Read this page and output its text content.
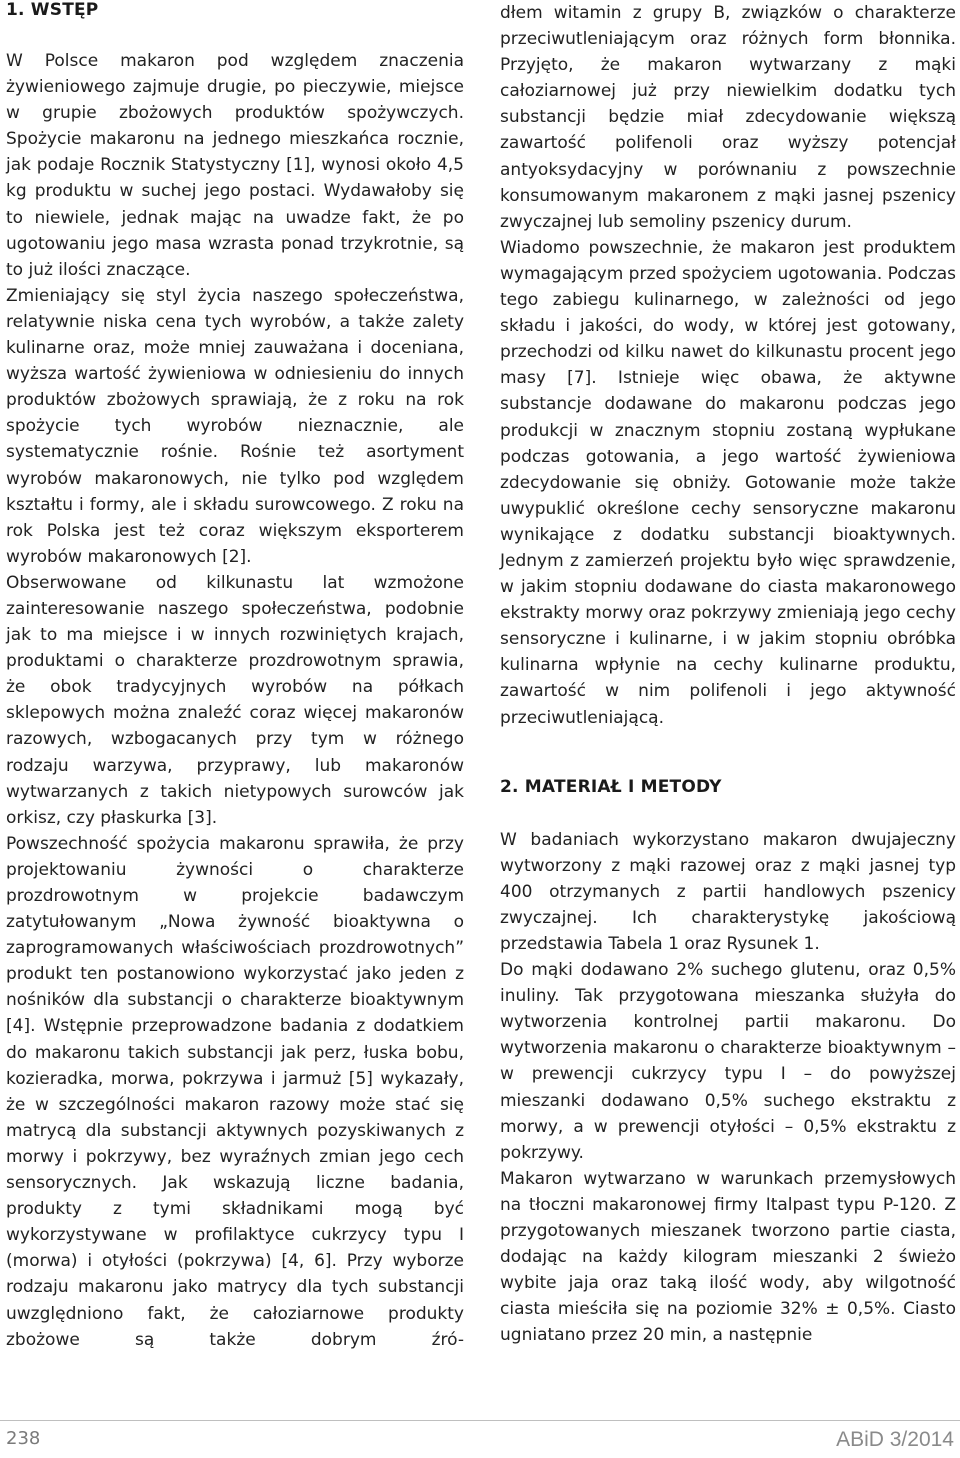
1. WSTĘP

W Polsce makaron pod względem znaczenia żywieniowego zajmuje drugie, po pieczywie, miejsce w grupie zbożowych produktów spożywczych. Spożycie makaronu na jednego mieszkańca rocznie, jak podaje Rocznik Statystyczny [1], wynosi około 4,5 kg produktu w suchej jego postaci. Wydawałoby się to niewiele, jednak mając na uwadze fakt, że po ugotowaniu jego masa wzrasta ponad trzykrotnie, są to już ilości znaczące.

Zmieniający się styl życia naszego społeczeństwa, relatywnie niska cena tych wyrobów, a także zalety kulinarne oraz, może mniej zauważana i doceniana, wyższa wartość żywieniowa w odniesieniu do innych produktów zbożowych sprawiają, że z roku na rok spożycie tych wyrobów nieznacznie, ale systematycznie rośnie. Rośnie też asortyment wyrobów makaronowych, nie tylko pod względem kształtu i formy, ale i składu surowcowego. Z roku na rok Polska jest też coraz większym eksporterem wyrobów makaronowych [2].

Obserwowane od kilkunastu lat wzmożone zainteresowanie naszego społeczeństwa, podobnie jak to ma miejsce i w innych rozwiniętych krajach, produktami o charakterze prozdrowotnym sprawia, że obok tradycyjnych wyrobów na półkach sklepowych można znaleźć coraz więcej makaronów razowych, wzbogacanych przy tym w różnego rodzaju warzywa, przyprawy, lub makaronów wytwarzanych z takich nietypowych surowców jak orkisz, czy płaskurka [3].

Powszechność spożycia makaronu sprawiła, że przy projektowaniu żywności o charakterze prozdrowotnym w projekcie badawczym zatytułowanym „Nowa żywność bioaktywna o zaprogramowanych właściwościach prozdrowotnych” produkt ten postanowiono wykorzystać jako jeden z nośników dla substancji o charakterze bioaktywnym [4]. Wstępnie przeprowadzone badania z dodatkiem do makaronu takich substancji jak perz, łuska bobu, kozieradka, morwa, pokrzywa i jarmuż [5] wykazały, że w szczególności makaron razowy może stać się matrycą dla substancji aktywnych pozyskiwanych z morwy i pokrzywy, bez wyraźnych zmian jego cech sensorycznych. Jak wskazują liczne badania, produkty z tymi składnikami mogą być wykorzystywane w profilaktyce cukrzycy typu I (morwa) i otyłości (pokrzywa) [4, 6]. Przy wyborze rodzaju makaronu jako matrycy dla tych substancji uwzględniono fakt, że całoziarnowe produkty zbożowe są także dobrym źró-

dłem witamin z grupy B, związków o charakterze przeciwutleniającym oraz różnych form błonnika. Przyjęto, że makaron wytwarzany z mąki całoziarnowej już przy niewielkim dodatku tych substancji będzie miał zdecydowanie większą zawartość polifenoli oraz wyższy potencjał antyoksydacyjny w porównaniu z powszechnie konsumowanym makaronem z mąki jasnej pszenicy zwyczajnej lub semoliny pszenicy durum.

Wiadomo powszechnie, że makaron jest produktem wymagającym przed spożyciem ugotowania. Podczas tego zabiegu kulinarnego, w zależności od jego składu i jakości, do wody, w której jest gotowany, przechodzi od kilku nawet do kilkunastu procent jego masy [7]. Istnieje więc obawa, że aktywne substancje dodawane do makaronu podczas jego produkcji w znacznym stopniu zostaną wypłukane podczas gotowania, a jego wartość żywieniowa zdecydowanie się obniży. Gotowanie może także uwypuklić określone cechy sensoryczne makaronu wynikające z dodatku substancji bioaktywnych. Jednym z zamierzeń projektu było więc sprawdzenie, w jakim stopniu dodawane do ciasta makaronowego ekstrakty morwy oraz pokrzywy zmieniają jego cechy sensoryczne i kulinarne, i w jakim stopniu obróbka kulinarna wpłynie na cechy kulinarne produktu, zawartość w nim polifenoli i jego aktywność przeciwutleniającą.

2. MATERIAŁ I METODY

W badaniach wykorzystano makaron dwujajeczny wytworzony z mąki razowej oraz z mąki jasnej typ 400 otrzymanych z partii handlowych pszenicy zwyczajnej. Ich charakterystykę jakościową przedstawia Tabela 1 oraz Rysunek 1.

Do mąki dodawano 2% suchego glutenu, oraz 0,5% inuliny. Tak przygotowana mieszanka służyła do wytworzenia kontrolnej partii makaronu. Do wytworzenia makaronu o charakterze bioaktywnym – w prewencji cukrzycy typu I – do powyższej mieszanki dodawano 0,5% suchego ekstraktu z morwy, a w prewencji otyłości – 0,5% ekstraktu z pokrzywy.

Makaron wytwarzano w warunkach przemysłowych na tłoczni makaronowej firmy Italpast typu P-120. Z przygotowanych mieszanek tworzono partie ciasta, dodając na każdy kilogram mieszanki 2 świeżo wybite jaja oraz taką ilość wody, aby wilgotność ciasta mieściła się na poziomie 32% ± 0,5%. Ciasto ugniatano przez 20 min, a następnie

238	ABiD 3/2014
